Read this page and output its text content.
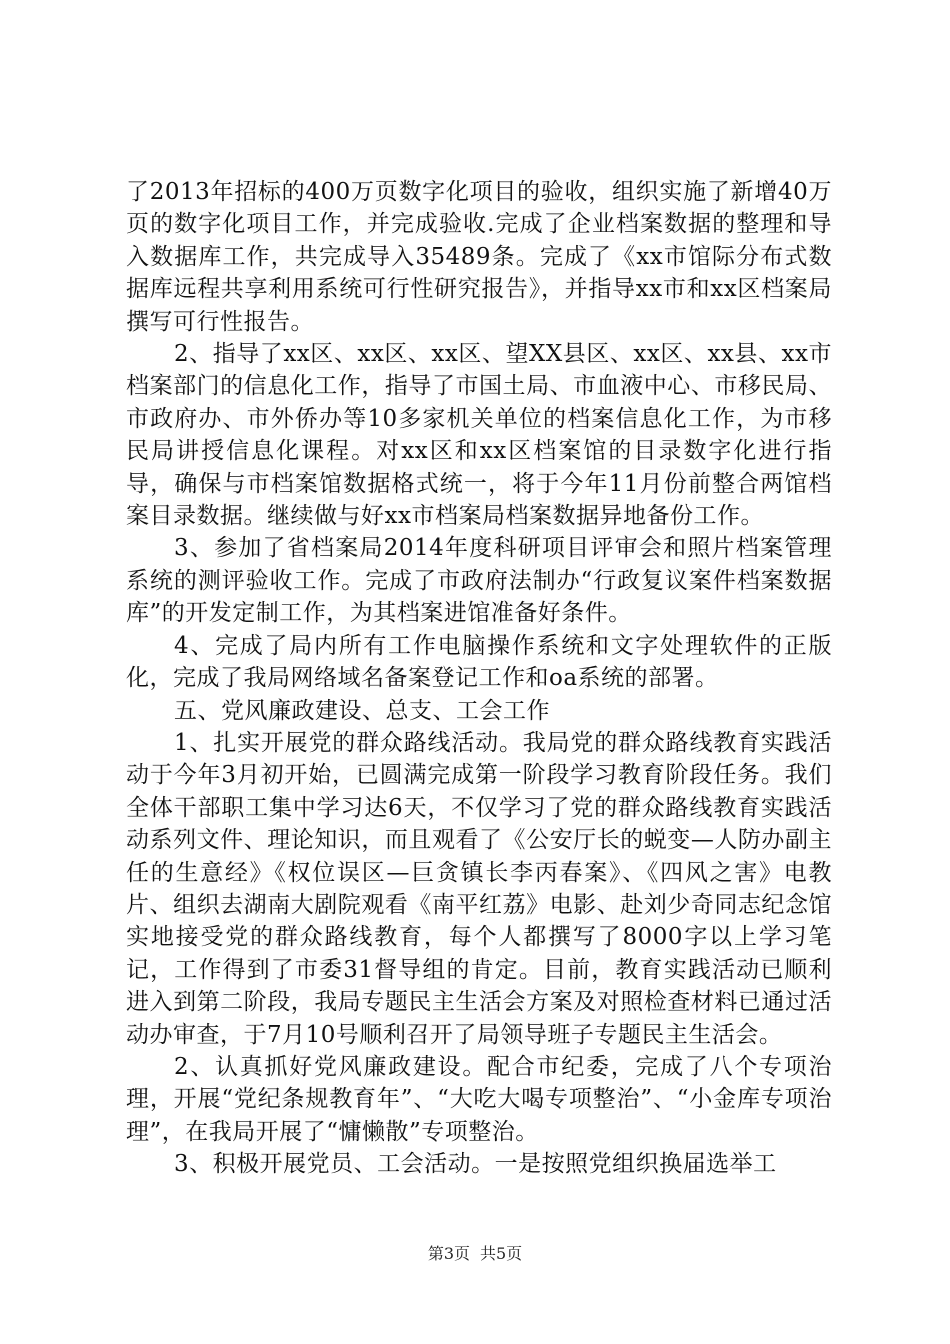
了2013年招标的400万页数字化项目的验收，组织实施了新增40万页的数字化项目工作，并完成验收.完成了企业档案数据的整理和导入数据库工作，共完成导入35489条。完成了《xx市馆际分布式数据库远程共享利用系统可行性研究报告》，并指导xx市和xx区档案局撰写可行性报告。

2、指导了xx区、xx区、xx区、望XX县区、xx区、xx县、xx市档案部门的信息化工作，指导了市国土局、市血液中心、市移民局、市政府办、市外侨办等10多家机关单位的档案信息化工作，为市移民局讲授信息化课程。对xx区和xx区档案馆的目录数字化进行指导，确保与市档案馆数据格式统一，将于今年11月份前整合两馆档案目录数据。继续做与好xx市档案局档案数据异地备份工作。

3、参加了省档案局2014年度科研项目评审会和照片档案管理系统的测评验收工作。完成了市政府法制办“行政复议案件档案数据库”的开发定制工作，为其档案进馆准备好条件。

4、完成了局内所有工作电脑操作系统和文字处理软件的正版化，完成了我局网络域名备案登记工作和oa系统的部署。

五、党风廉政建设、总支、工会工作

1、扎实开展党的群众路线活动。我局党的群众路线教育实践活动于今年3月初开始，已圆满完成第一阶段学习教育阶段任务。我们全体干部职工集中学习达6天，不仅学习了党的群众路线教育实践活动系列文件、理论知识，而且观看了《公安厅长的蜕变—人防办副主任的生意经》《权位误区—巨贪镇长李丙春案》、《四风之害》电教片、组织去湖南大剧院观看《南平红荔》电影、赴刘少奇同志纪念馆实地接受党的群众路线教育，每个人都撰写了8000字以上学习笔记，工作得到了市委31督导组的肯定。目前，教育实践活动已顺利进入到第二阶段，我局专题民主生活会方案及对照检查材料已通过活动办审查，于7月10号顺利召开了局领导班子专题民主生活会。

2、认真抓好党风廉政建设。配合市纪委，完成了八个专项治理，开展“党纪条规教育年”、“大吃大喝专项整治”、“小金库专项治理”，在我局开展了“慵懒散”专项整治。

3、积极开展党员、工会活动。一是按照党组织换届选举工

第3页 共5页
